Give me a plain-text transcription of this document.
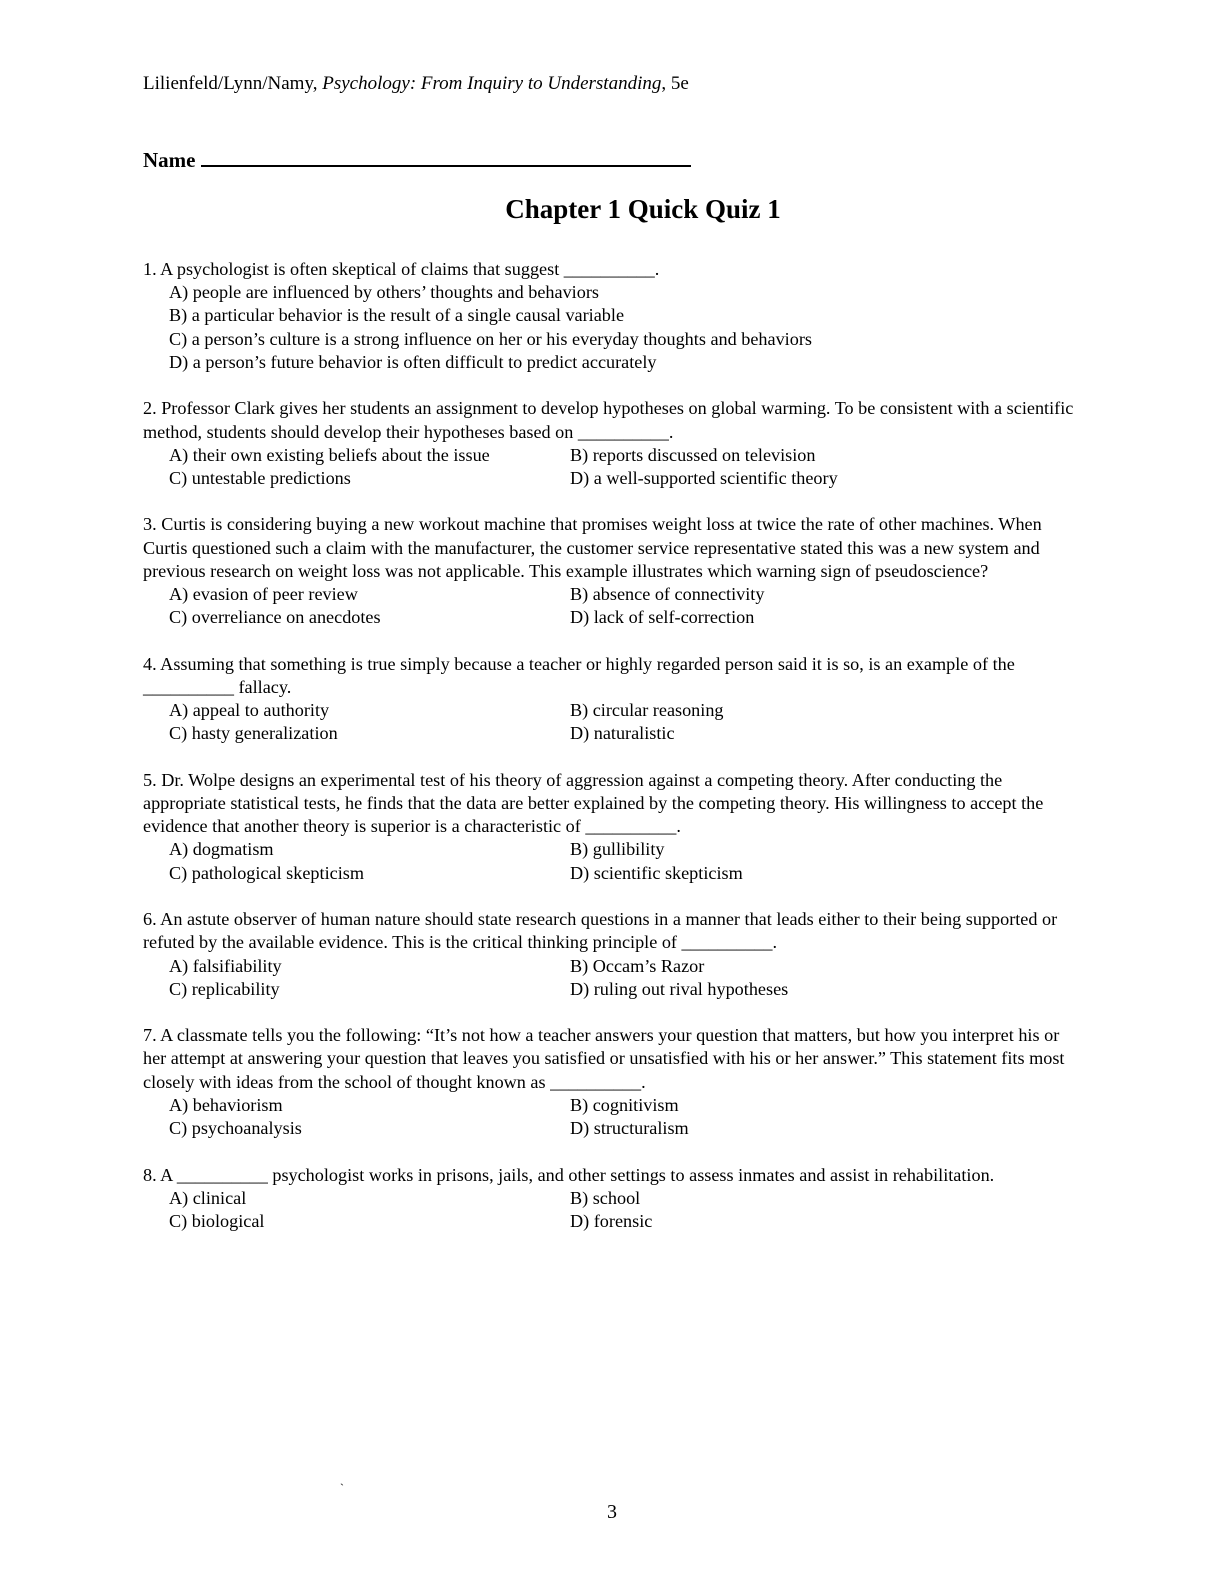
Lilienfeld/Lynn/Namy, Psychology: From Inquiry to Understanding, 5e
Name
Chapter 1 Quick Quiz 1
1. A psychologist is often skeptical of claims that suggest __________.
A) people are influenced by others’ thoughts and behaviors
B) a particular behavior is the result of a single causal variable
C) a person’s culture is a strong influence on her or his everyday thoughts and behaviors
D) a person’s future behavior is often difficult to predict accurately
2. Professor Clark gives her students an assignment to develop hypotheses on global warming. To be consistent with a scientific method, students should develop their hypotheses based on __________.
A) their own existing beliefs about the issue	B) reports discussed on television
C) untestable predictions	D) a well-supported scientific theory
3. Curtis is considering buying a new workout machine that promises weight loss at twice the rate of other machines. When Curtis questioned such a claim with the manufacturer, the customer service representative stated this was a new system and previous research on weight loss was not applicable. This example illustrates which warning sign of pseudoscience?
A) evasion of peer review	B) absence of connectivity
C) overreliance on anecdotes	D) lack of self-correction
4. Assuming that something is true simply because a teacher or highly regarded person said it is so, is an example of the __________ fallacy.
A) appeal to authority	B) circular reasoning
C) hasty generalization	D) naturalistic
5. Dr. Wolpe designs an experimental test of his theory of aggression against a competing theory. After conducting the appropriate statistical tests, he finds that the data are better explained by the competing theory. His willingness to accept the evidence that another theory is superior is a characteristic of __________.
A) dogmatism	B) gullibility
C) pathological skepticism	D) scientific skepticism
6. An astute observer of human nature should state research questions in a manner that leads either to their being supported or refuted by the available evidence. This is the critical thinking principle of __________.
A) falsifiability	B) Occam’s Razor
C) replicability	D) ruling out rival hypotheses
7. A classmate tells you the following: “It’s not how a teacher answers your question that matters, but how you interpret his or her attempt at answering your question that leaves you satisfied or unsatisfied with his or her answer.” This statement fits most closely with ideas from the school of thought known as __________.
A) behaviorism	B) cognitivism
C) psychoanalysis	D) structuralism
8. A __________ psychologist works in prisons, jails, and other settings to assess inmates and assist in rehabilitation.
A) clinical	B) school
C) biological	D) forensic
`
3
